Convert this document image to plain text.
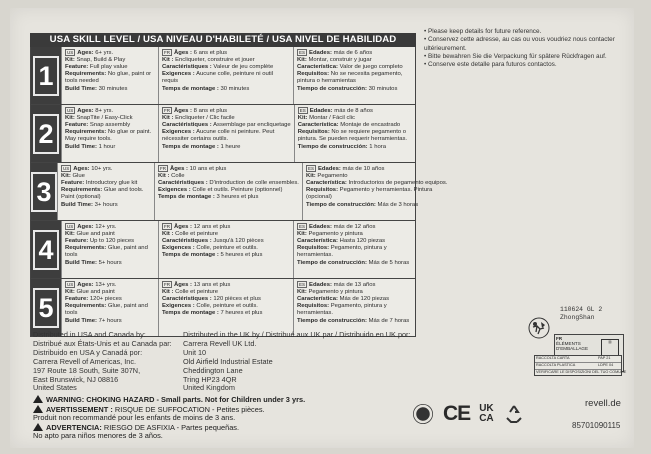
USA SKILL LEVEL / USA NIVEAU D'HABILETÉ / USA NIVEL DE HABILIDAD
1
US Ages: 6+ yrs.
Kit: Snap, Build & Play
Feature: Full play value
Requirements: No glue, paint or tools needed
Build Time: 30 minutes
FR Âges : 6 ans et plus
Kit : Encliqueter, construire et jouer
Caractéristiques : Valeur de jeu complète
Exigences : Aucune colle, peinture ni outil requis
Temps de montage : 30 minutes
ES Edades: más de 6 años
Kit: Montar, construir y jugar
Característica: Valor de juego completo
Requisitos: No se necesita pegamento, pintura o herramientas
Tiempo de construcción: 30 minutos
2
US Ages: 8+ yrs.
Kit: SnapTite / Easy-Click
Feature: Snap assembly
Requirements: No glue or paint. May require tools.
Build Time: 1 hour
FR Âges : 8 ans et plus
Kit : Encliqueter / Clic facile
Caractéristiques : Assemblage par encliquetage
Exigences : Aucune colle ni peinture. Peut nécessiter certains outils.
Temps de montage : 1 heure
ES Edades: más de 8 años
Kit: Montar / Fácil clic
Característica: Montaje de encastrado
Requisitos: No se requiere pegamento o pintura. Se pueden requerir herramientas.
Tiempo de construcción: 1 hora
3
US Ages: 10+ yrs.
Kit: Glue
Feature: Introductory glue kit
Requirements: Glue and tools. Paint (optional)
Build Time: 3+ hours
FR Âges : 10 ans et plus
Kit : Colle
Caractéristiques : D'introduction de colle ensembles.
Exigences : Colle et outils. Peinture (optionnel)
Temps de montage : 3 heures et plus
ES Edades: más de 10 años
Kit: Pegamento
Característica: Introductorios de pegamento equipos.
Requisitos: Pegamento y herramientas. Pintura (opcional)
Tiempo de construcción: Más de 3 horas
4
US Ages: 12+ yrs.
Kit: Glue and paint
Feature: Up to 120 pieces
Requirements: Glue, paint and tools
Build Time: 5+ hours
FR Âges : 12 ans et plus
Kit : Colle et peinture
Caractéristiques : Jusqu'à 120 pièces
Exigences : Colle, peinture et outils.
Temps de montage : 5 heures et plus
ES Edades: más de 12 años
Kit: Pegamento y pintura
Característica: Hasta 120 piezas
Requisitos: Pegamento, pintura y herramientas.
Tiempo de construcción: Más de 5 horas
5
US Ages: 13+ yrs.
Kit: Glue and paint
Feature: 120+ pieces
Requirements: Glue, paint and tools
Build Time: 7+ hours
FR Âges : 13 ans et plus
Kit : Colle et peinture
Caractéristiques : 120 pièces et plus
Exigences : Colle, peinture et outils.
Temps de montage : 7 heures et plus
ES Edades: más de 13 años
Kit: Pegamento y pintura
Característica: Más de 120 piezas
Requisitos: Pegamento, pintura y herramientas.
Tiempo de construcción: Más de 7 horas
• Please keep details for future reference.
• Conservez cette adresse, au cas ou vous voudriez nous contacter
ultérieurement.
• Bitte bewahren Sie die Verpackung für spätere Rückfragen auf.
• Conserve este detalle para futuros contactos.
Distributed in USA and Canada by:
Distribué aux États-Unis et au Canada par:
Distribuido en USA y Canadá por:
Carrera Revell of Americas, Inc.
197 Route 18 South, Suite 307N,
East Brunswick, NJ 08816
United States
Distributed in the UK by / Distribué aux UK par / Distribuido en UK por:
Carrera Revell UK Ltd.
Unit 10
Old Airfield Industrial Estate
Cheddington Lane
Tring HP23 4QR
United Kingdom
WARNING: CHOKING HAZARD - Small parts. Not for Children under 3 yrs.
AVERTISSEMENT : RISQUE DE SUFFOCATION - Petites pièces.
Produit non recommandé pour les enfants de moins de 3 ans.
ADVERTENCIA: RIESGO DE ASFIXIA - Partes pequeñas.
No apto para niños menores de 3 años.
110624 GL 2
ZhongShan
FR
ÉLÉMENTS D'EMBALLAGE
▥
RACCOLTA CARTA	PAP 21
RACCOLTA PLASTICA	LDPE 04
VERIFICARE LE DISPOSIZIONI DEL TUO COMUNE
CE UK
CA
revell.de
85701090115
